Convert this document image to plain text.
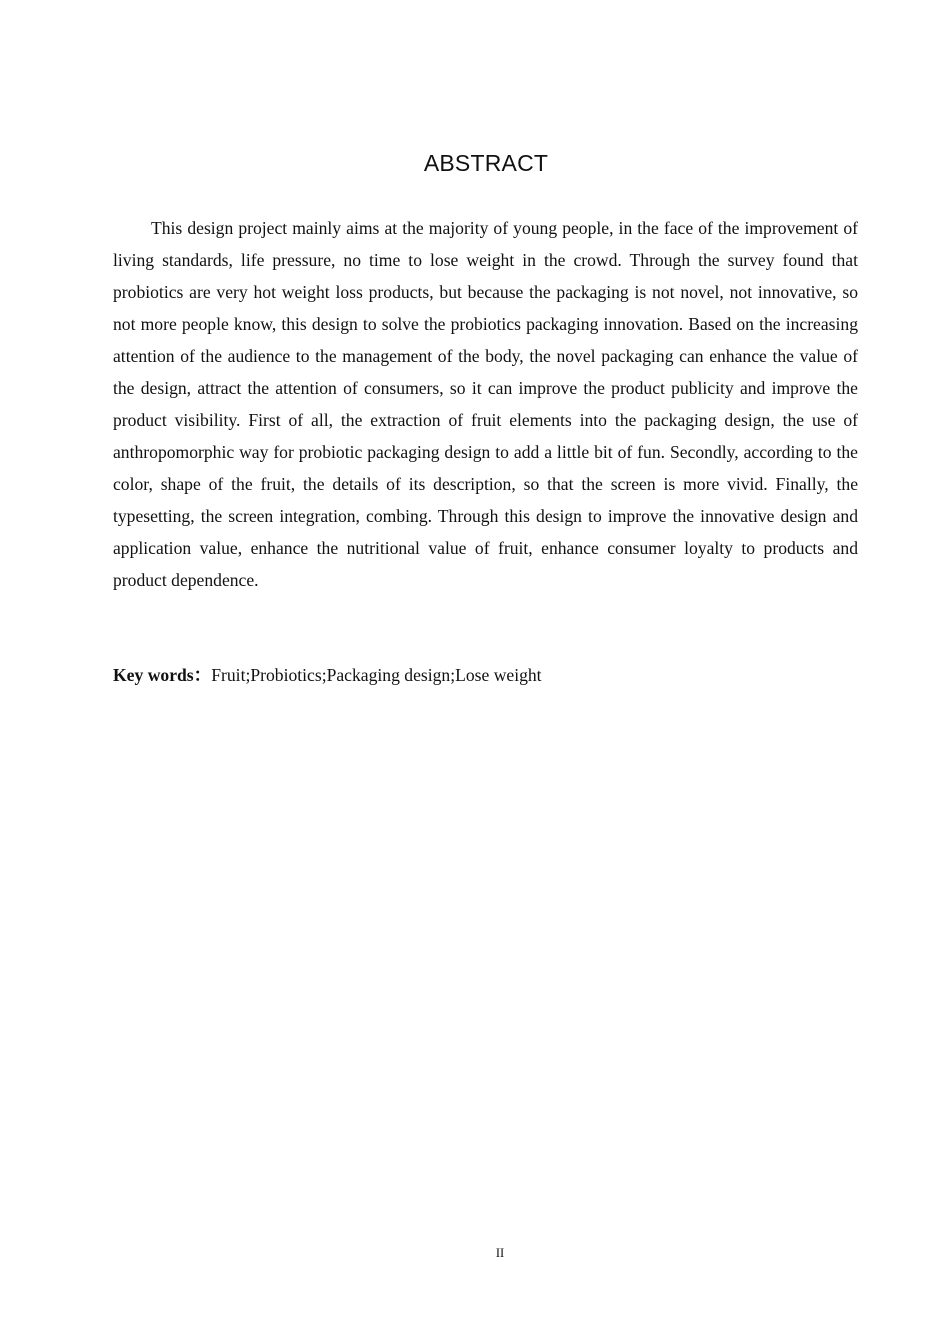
ABSTRACT

This design project mainly aims at the majority of young people, in the face of the improvement of living standards, life pressure, no time to lose weight in the crowd. Through the survey found that probiotics are very hot weight loss products, but because the packaging is not novel, not innovative, so not more people know, this design to solve the probiotics packaging innovation. Based on the increasing attention of the audience to the management of the body, the novel packaging can enhance the value of the design, attract the attention of consumers, so it can improve the product publicity and improve the product visibility. First of all, the extraction of fruit elements into the packaging design, the use of anthropomorphic way for probiotic packaging design to add a little bit of fun. Secondly, according to the color, shape of the fruit, the details of its description, so that the screen is more vivid. Finally, the typesetting, the screen integration, combing. Through this design to improve the innovative design and application value, enhance the nutritional value of fruit, enhance consumer loyalty to products and product dependence.

Key words：Fruit;Probiotics;Packaging design;Lose weight
II
